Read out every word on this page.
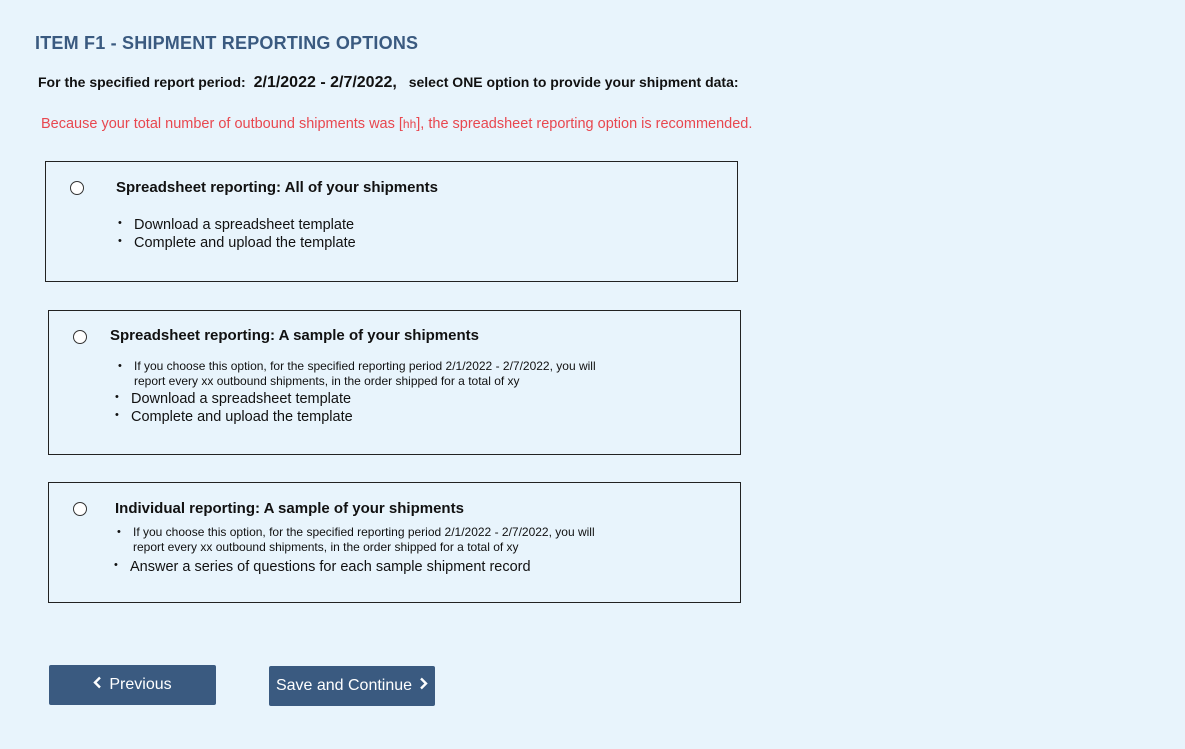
ITEM F1 - SHIPMENT REPORTING OPTIONS
For the specified report period: 2/1/2022 - 2/7/2022, select ONE option to provide your shipment data:
Because your total number of outbound shipments was [hh], the spreadsheet reporting option is recommended.
Spreadsheet reporting: All of your shipments
• Download a spreadsheet template
• Complete and upload the template
Spreadsheet reporting: A sample of your shipments
• If you choose this option, for the specified reporting period 2/1/2022 - 2/7/2022, you will
report every xx outbound shipments, in the order shipped for a total of xy
• Download a spreadsheet template
• Complete and upload the template
Individual reporting: A sample of your shipments
• If you choose this option, for the specified reporting period 2/1/2022 - 2/7/2022, you will
report every xx outbound shipments, in the order shipped for a total of xy
• Answer a series of questions for each sample shipment record
Previous	Save and Continue
